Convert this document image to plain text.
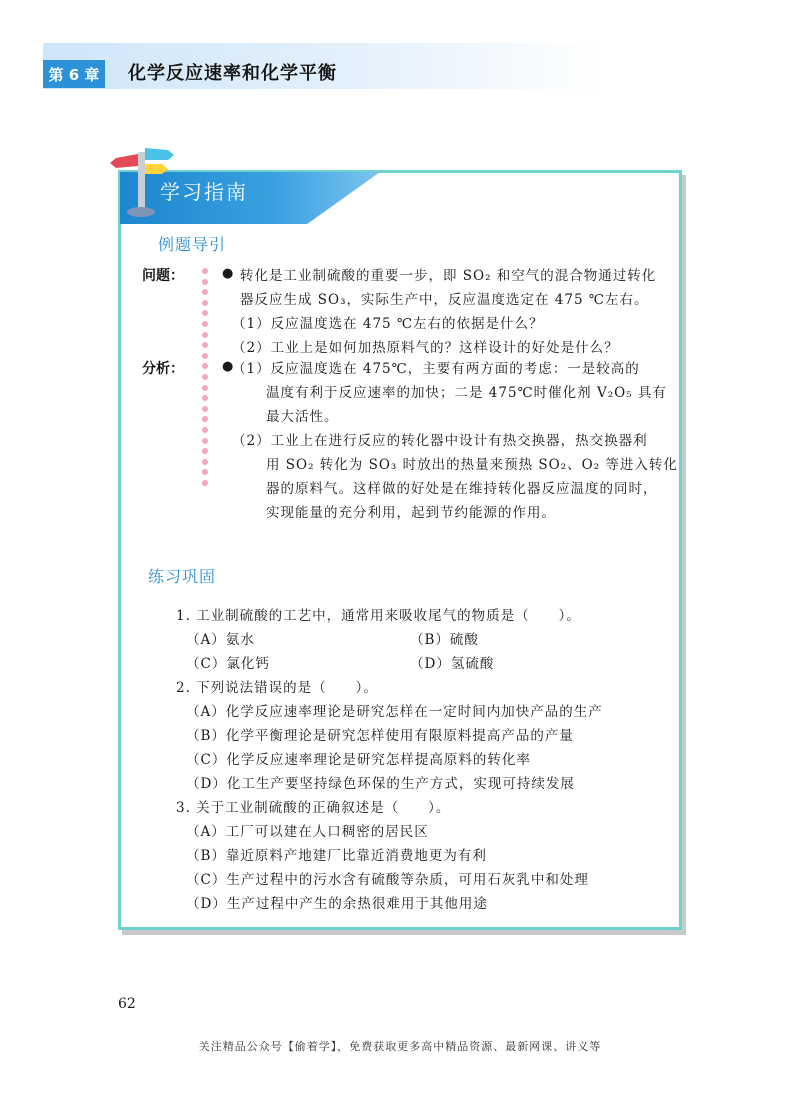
第 6 章	化学反应速率和化学平衡
学习指南
例题导引
问题：
分析：
● 转化是工业制硫酸的重要一步，即 SO₂ 和空气的混合物通过转化
器反应生成 SO₃，实际生产中，反应温度选定在 475 ℃左右。
（1）反应温度选在 475 ℃左右的依据是什么？
（2）工业上是如何加热原料气的？这样设计的好处是什么？
●
（1）反应温度选在 475℃，主要有两方面的考虑：一是较高的
温度有利于反应速率的加快；二是 475℃时催化剂 V₂O₅ 具有
最大活性。
（2）工业上在进行反应的转化器中设计有热交换器，热交换器利
用 SO₂ 转化为 SO₃ 时放出的热量来预热 SO₂、O₂ 等进入转化
器的原料气。这样做的好处是在维持转化器反应温度的同时，
实现能量的充分利用，起到节约能源的作用。
练习巩固
1. 工业制硫酸的工艺中，通常用来吸收尾气的物质是（　　）。
（A）氨水	（B）硫酸
（C）氯化钙	（D）氢硫酸
2. 下列说法错误的是（　　）。
（A）化学反应速率理论是研究怎样在一定时间内加快产品的生产
（B）化学平衡理论是研究怎样使用有限原料提高产品的产量
（C）化学反应速率理论是研究怎样提高原料的转化率
（D）化工生产要坚持绿色环保的生产方式，实现可持续发展
3. 关于工业制硫酸的正确叙述是（　　）。
（A）工厂可以建在人口稠密的居民区
（B）靠近原料产地建厂比靠近消费地更为有利
（C）生产过程中的污水含有硫酸等杂质，可用石灰乳中和处理
（D）生产过程中产生的余热很难用于其他用途
62
关注精品公众号【偷着学】，免费获取更多高中精品资源、最新网课、讲义等
